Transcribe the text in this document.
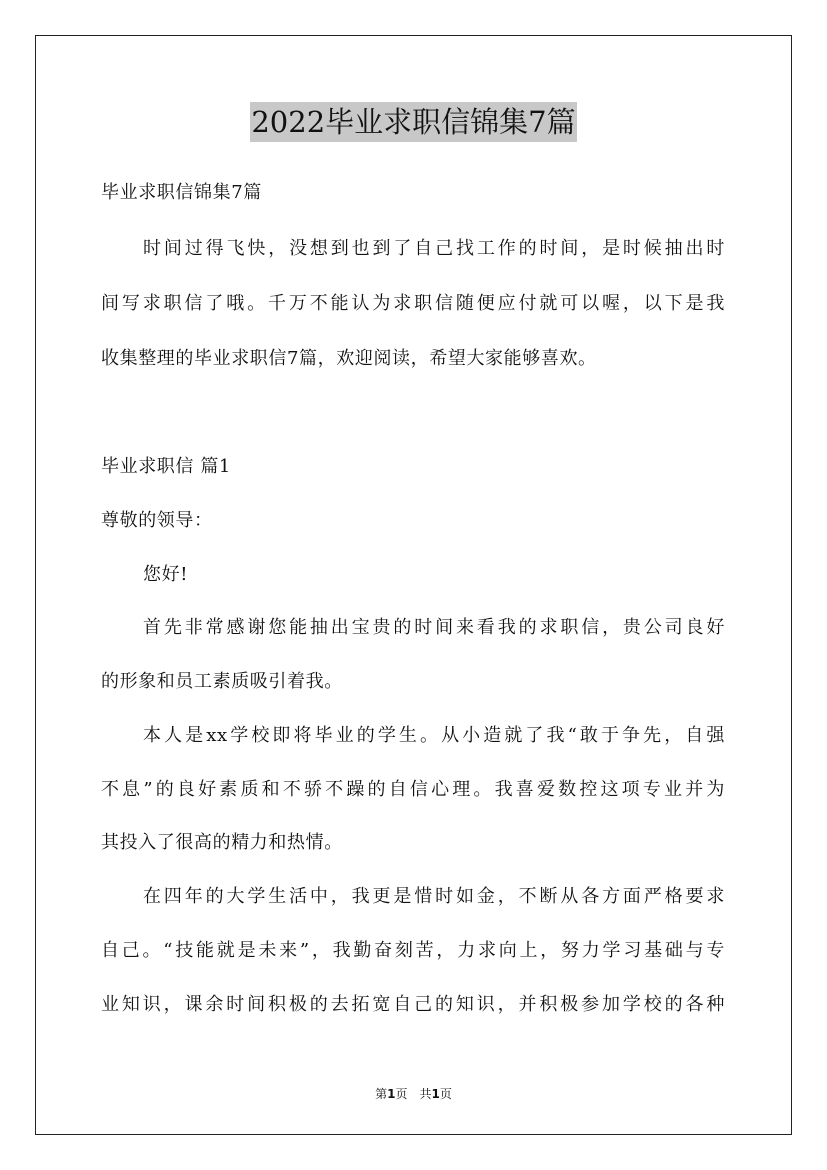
2022毕业求职信锦集7篇
毕业求职信锦集7篇
时间过得飞快，没想到也到了自己找工作的时间，是时候抽出时
间写求职信了哦。千万不能认为求职信随便应付就可以喔，以下是我
收集整理的毕业求职信7篇，欢迎阅读，希望大家能够喜欢。
毕业求职信 篇1
尊敬的领导：
您好!
首先非常感谢您能抽出宝贵的时间来看我的求职信，贵公司良好
的形象和员工素质吸引着我。
本人是xx学校即将毕业的学生。从小造就了我“敢于争先，自强
不息”的良好素质和不骄不躁的自信心理。我喜爱数控这项专业并为
其投入了很高的精力和热情。
在四年的大学生活中，我更是惜时如金，不断从各方面严格要求
自己。“技能就是未来”，我勤奋刻苦，力求向上，努力学习基础与专
业知识，课余时间积极的去拓宽自己的知识，并积极参加学校的各种
第1页　共1页
